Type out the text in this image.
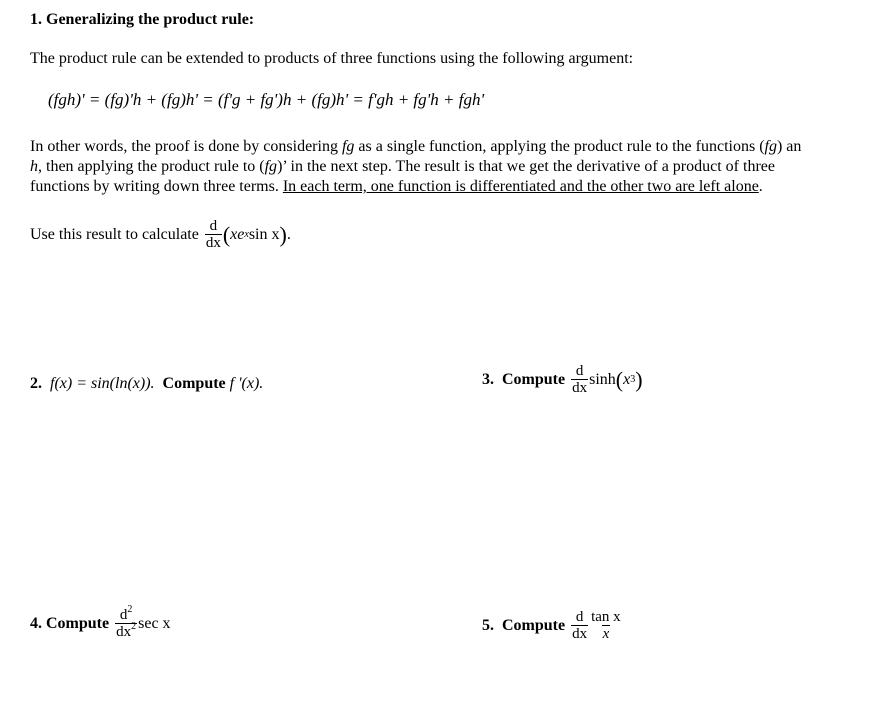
1. Generalizing the product rule:
The product rule can be extended to products of three functions using the following argument:
(fgh)' = (fg)'h + (fg)h' = (f'g + fg')h + (fg)h' = f'gh + fg'h + fgh'
In other words, the proof is done by considering fg as a single function, applying the product rule to the functions (fg) an
h, then applying the product rule to (fg)’ in the next step. The result is that we get the derivative of a product of three
functions by writing down three terms. In each term, one function is differentiated and the other two are left alone.
Use this result to calculate $\frac{d}{dx}$ ( xe x sin x ) .
2. f(x) = sin(ln(x)). Compute f '(x).	3.
Compute $\frac{d}{dx}$ sinh ( x 3 )
4.
Compute $\frac{d^2}{dx^2}$ sec x	5.
Compute $\frac{d}{dx} \frac{\text{tan x}}{x}$
